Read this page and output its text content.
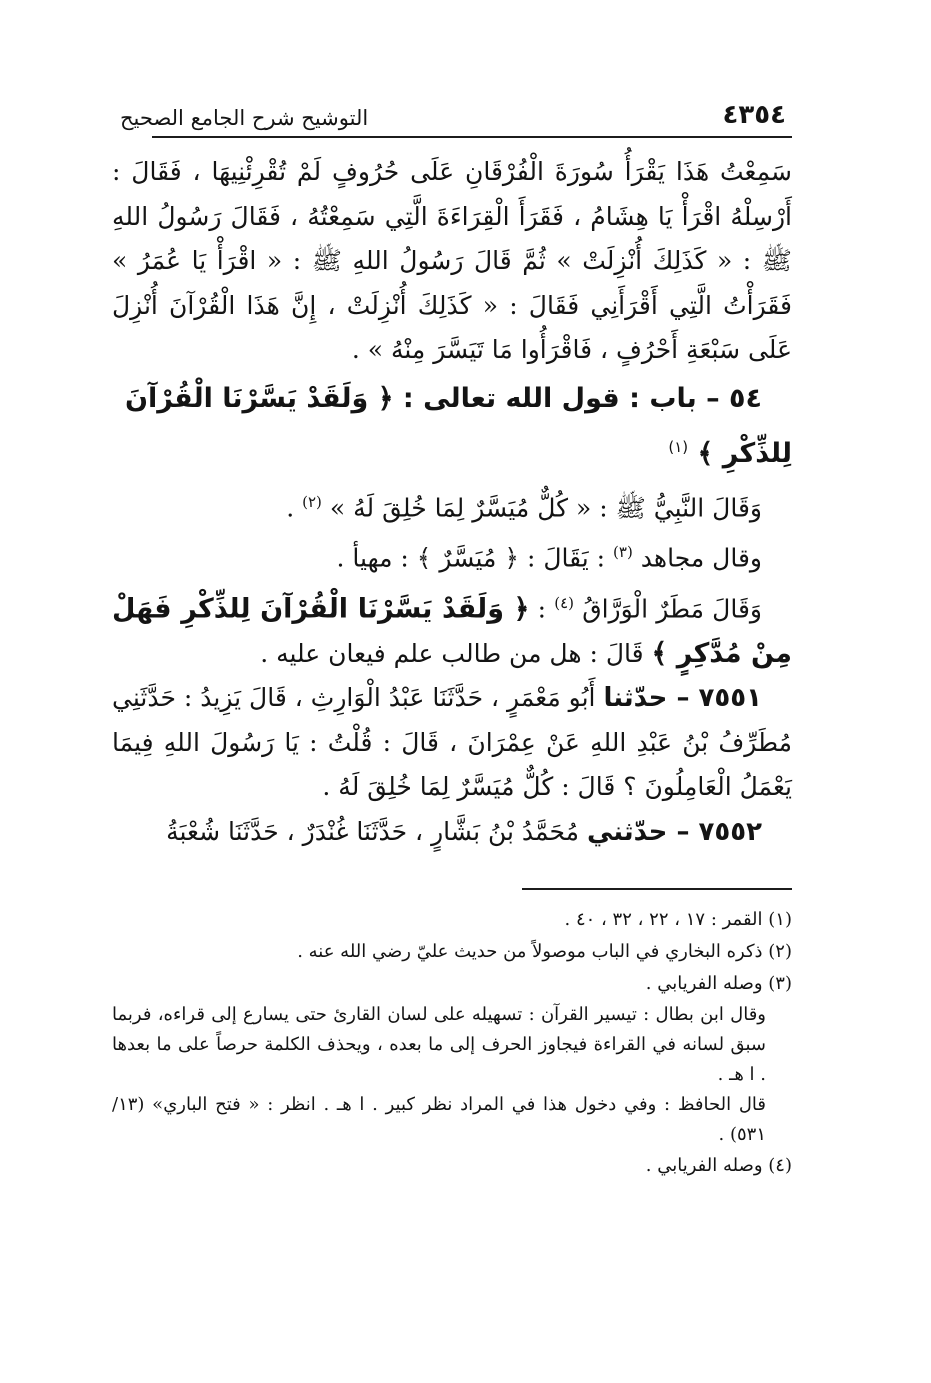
٤٣٥٤
التوشيح شرح الجامع الصحيح

سَمِعْتُ هَذَا يَقْرَأُ سُورَةَ الْفُرْقَانِ عَلَى حُرُوفٍ لَمْ تُقْرِئْنِيهَا ، فَقَالَ : أَرْسِلْهُ اقْرَأْ يَا هِشَامُ ، فَقَرَأَ الْقِرَاءَةَ الَّتِي سَمِعْتُهُ ، فَقَالَ رَسُولُ اللهِ ﷺ : « كَذَلِكَ أُنْزِلَتْ » ثُمَّ قَالَ رَسُولُ اللهِ ﷺ : « اقْرَأْ يَا عُمَرُ » فَقَرَأْتُ الَّتِي أَقْرَأَنِي فَقَالَ : « كَذَلِكَ أُنْزِلَتْ ، إِنَّ هَذَا الْقُرْآنَ أُنْزِلَ عَلَى سَبْعَةِ أَحْرُفٍ ، فَاقْرَأُوا مَا تَيَسَّرَ مِنْهُ » .

٥٤ – باب : قول الله تعالى : ﴿ وَلَقَدْ يَسَّرْنَا الْقُرْآنَ لِلذِّكْرِ ﴾ $^{(١)}$

وَقَالَ النَّبِيُّ ﷺ : « كُلٌّ مُيَسَّرٌ لِمَا خُلِقَ لَهُ » $^{(٢)}$ .

وقال مجاهد $^{(٣)}$ : يَقَالَ : ﴿ مُيَسَّرٌ ﴾ : مهيأ .

وَقَالَ مَطَرٌ الْوَرَّاقُ $^{(٤)}$ : ﴿ وَلَقَدْ يَسَّرْنَا الْقُرْآنَ لِلذِّكْرِ فَهَلْ مِنْ مُدَّكِرٍ ﴾ قَالَ : هل من طالب علم فيعان عليه .

٧٥٥١ – حدّثنا أَبُو مَعْمَرٍ ، حَدَّثَنَا عَبْدُ الْوَارِثِ ، قَالَ يَزِيدُ : حَدَّثَنِي مُطَرِّفُ بْنُ عَبْدِ اللهِ عَنْ عِمْرَانَ ، قَالَ : قُلْتُ : يَا رَسُولَ اللهِ فِيمَا يَعْمَلُ الْعَامِلُونَ ؟ قَالَ : كُلٌّ مُيَسَّرٌ لِمَا خُلِقَ لَهُ .

٧٥٥٢ – حدّثني مُحَمَّدُ بْنُ بَشَّارٍ ، حَدَّثَنَا غُنْدَرٌ ، حَدَّثَنَا شُعْبَةُ

(١) القمر : ١٧ ، ٢٢ ، ٣٢ ، ٤٠ .

(٢) ذكره البخاري في الباب موصولاً من حديث عليّ رضي الله عنه .

(٣) وصله الفريابي .

وقال ابن بطال : تيسير القرآن : تسهيله على لسان القارئ حتى يسارع إلى قراءه، فربما سبق لسانه في القراءة فيجاوز الحرف إلى ما بعده ، ويحذف الكلمة حرصاً على ما بعدها . ا هـ .

قال الحافظ : وفي دخول هذا في المراد نظر كبير . ا هـ . انظر : « فتح الباري» (١٣/ ٥٣١) .

(٤) وصله الفريابي .
